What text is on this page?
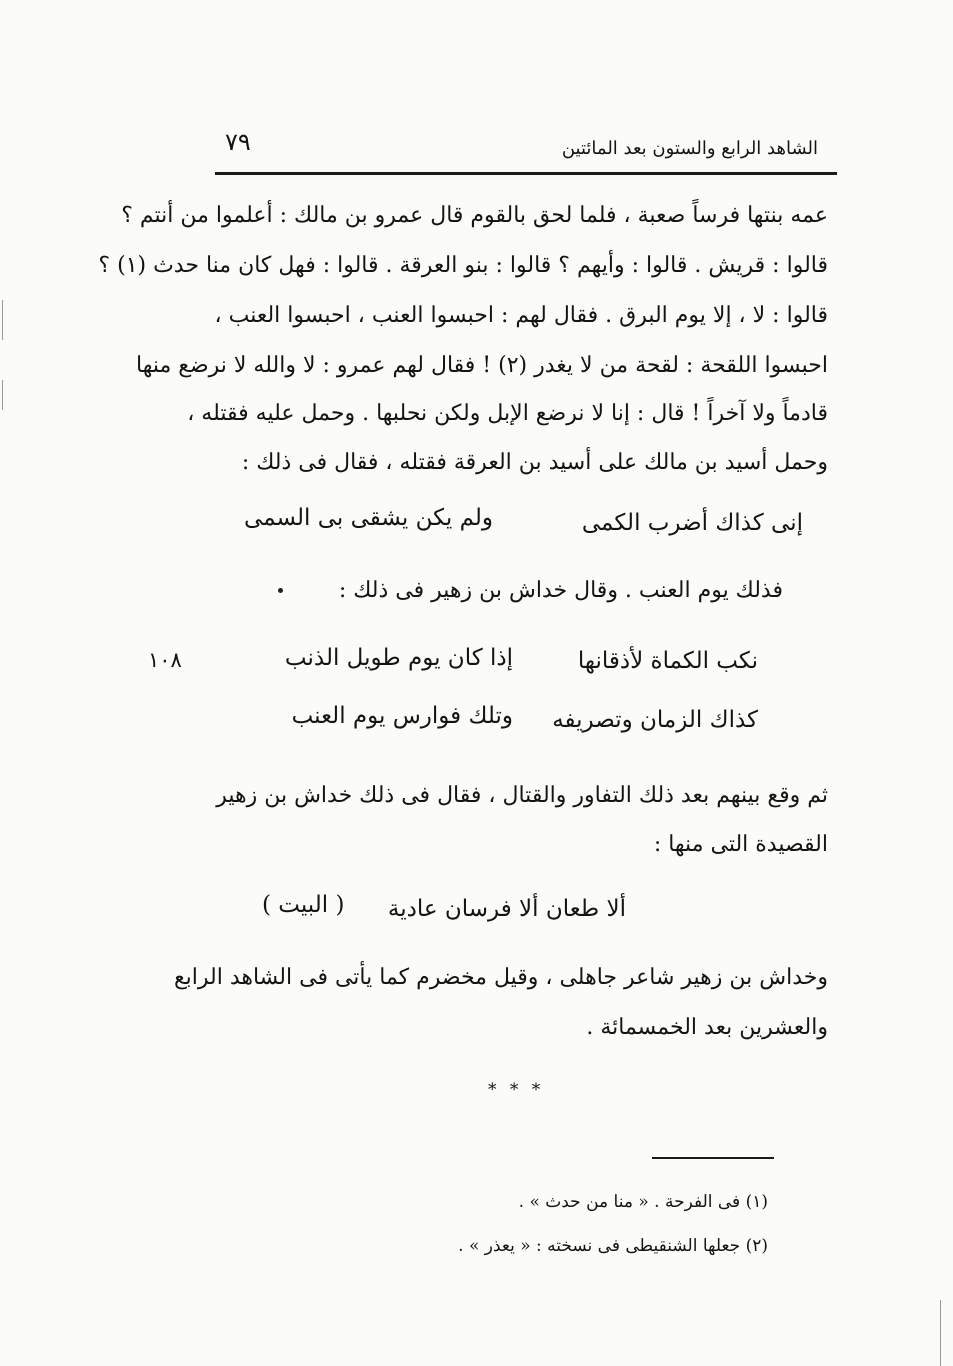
الشاهد الرابع والستون بعد المائتين
٧٩
عمه بنتها فرساً صعبة ، فلما لحق بالقوم قال عمرو بن مالك : أعلموا من أنتم ؟
قالوا : قريش . قالوا : وأيهم ؟ قالوا : بنو العرقة . قالوا : فهل كان منا حدث (١) ؟
قالوا : لا ، إلا يوم البرق . فقال لهم : احبسوا العنب ، احبسوا العنب ،
احبسوا اللقحة : لقحة من لا يغدر (٢) ! فقال لهم عمرو : لا والله لا نرضع منها
قادماً ولا آخراً ! قال : إنا لا نرضع الإبل ولكن نحلبها . وحمل عليه فقتله ،
وحمل أسيد بن مالك على أسيد بن العرقة فقتله ، فقال فى ذلك :
إنى كذاك أضرب الكمى
ولم يكن يشقى بى السمى
فذلك يوم العنب . وقال خداش بن زهير فى ذلك :
١٠٨	نكب الكماة لأذقانها
إذا كان يوم طويل الذنب
كذاك الزمان وتصريفه
وتلك فوارس يوم العنب
ثم وقع بينهم بعد ذلك التفاور والقتال ، فقال فى ذلك خداش بن زهير
القصيدة التى منها :
ألا طعان ألا فرسان عادية
( البيت )
وخداش بن زهير شاعر جاهلى ، وقيل مخضرم كما يأتى فى الشاهد الرابع
والعشرين بعد الخمسمائة .
* * *
(١) فى الفرحة . « منا من حدث » .
(٢) جعلها الشنقيطى فى نسخته : « يعذر » .
